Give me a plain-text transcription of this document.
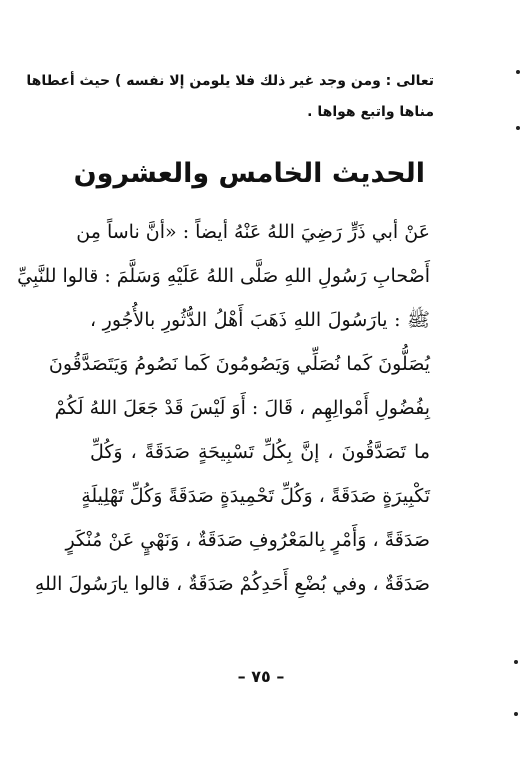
تعالى : ومن وجد غير ذلك فلا يلومن إلا نفسه ) حيث أعطاها
مناها واتبع هواها .
الحديث الخامس والعشرون
عَنْ أبي ذَرٍّ رَضِيَ اللهُ عَنْهُ أيضاً : «أنَّ ناساً مِن
أَصْحابِ رَسُولِ اللهِ صَلَّى اللهُ عَلَيْهِ وَسَلَّمَ : قالوا للنَّبِيِّ
ﷺ : يارَسُولَ اللهِ ذَهَبَ أَهْلُ الدُّثُورِ بالأُجُورِ ،
يُصَلُّونَ كَما نُصَلِّي وَيَصُومُونَ كَما نَصُومُ وَيَتَصَدَّقُونَ
بِفُضُولِ أَمْوالِهِم ، قَالَ : أَوَ لَيْسَ قَدْ جَعَلَ اللهُ لَكُمْ
ما تَصَدَّقُونَ ، إنَّ بِكُلِّ تَسْبِيحَةٍ صَدَقَةً ، وَكُلِّ
تَكْبِيرَةٍ صَدَقَةً ، وَكُلِّ تَحْمِيدَةٍ صَدَقَةً وَكُلِّ تَهْلِيلَةٍ
صَدَقَةً ، وَأَمْرٍ بِالمَعْرُوفِ صَدَقَةٌ ، وَنَهْيٍ عَنْ مُنْكَرٍ
صَدَقَةٌ ، وفي بُضْعِ أَحَدِكُمْ صَدَقَةٌ ، قالوا يارَسُولَ اللهِ
– ٧٥ –
